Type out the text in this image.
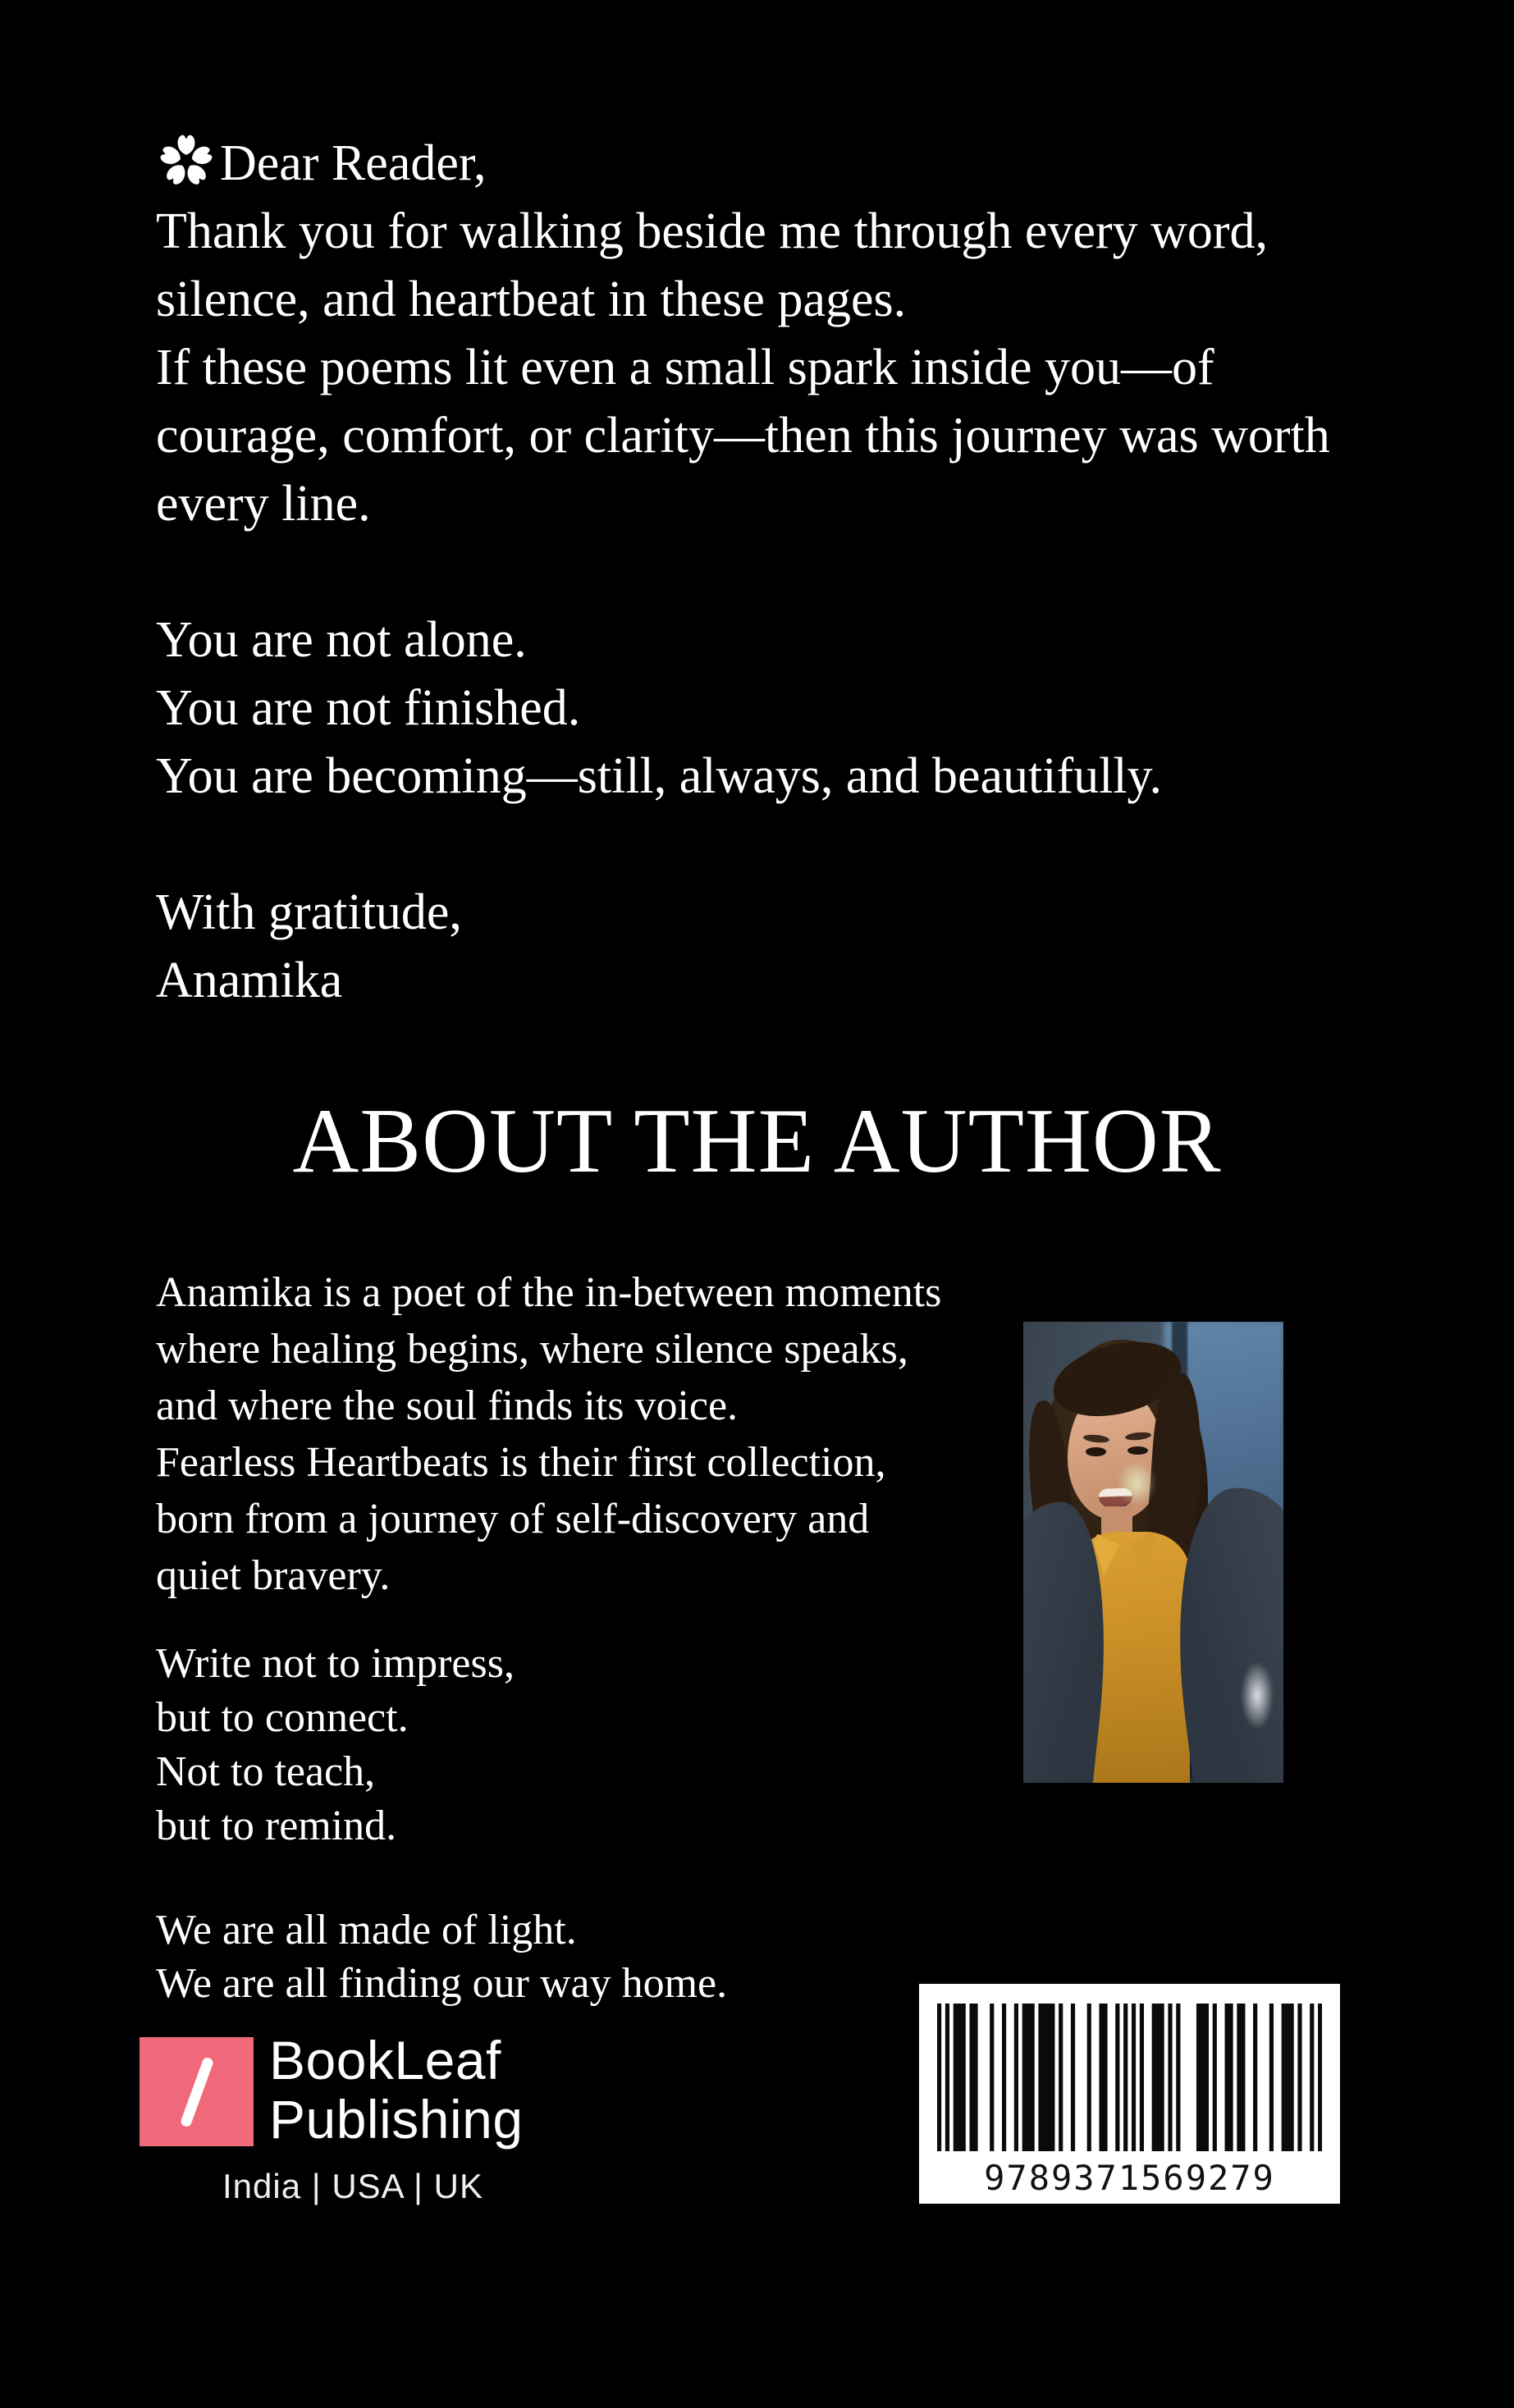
Dear Reader,
Thank you for walking beside me through every word,
silence, and heartbeat in these pages.
If these poems lit even a small spark inside you—of
courage, comfort, or clarity—then this journey was worth
every line.
You are not alone.
You are not finished.
You are becoming—still, always, and beautifully.
With gratitude,
Anamika
ABOUT THE AUTHOR
Anamika is a poet of the in-between moments
where healing begins, where silence speaks,
and where the soul finds its voice.
Fearless Heartbeats is their first collection,
born from a journey of self-discovery and
quiet bravery.
Write not to impress,
but to connect.
Not to teach,
but to remind.
We are all made of light.
We are all finding our way home.
BookLeaf
Publishing
India | USA | UK	9789371569279
